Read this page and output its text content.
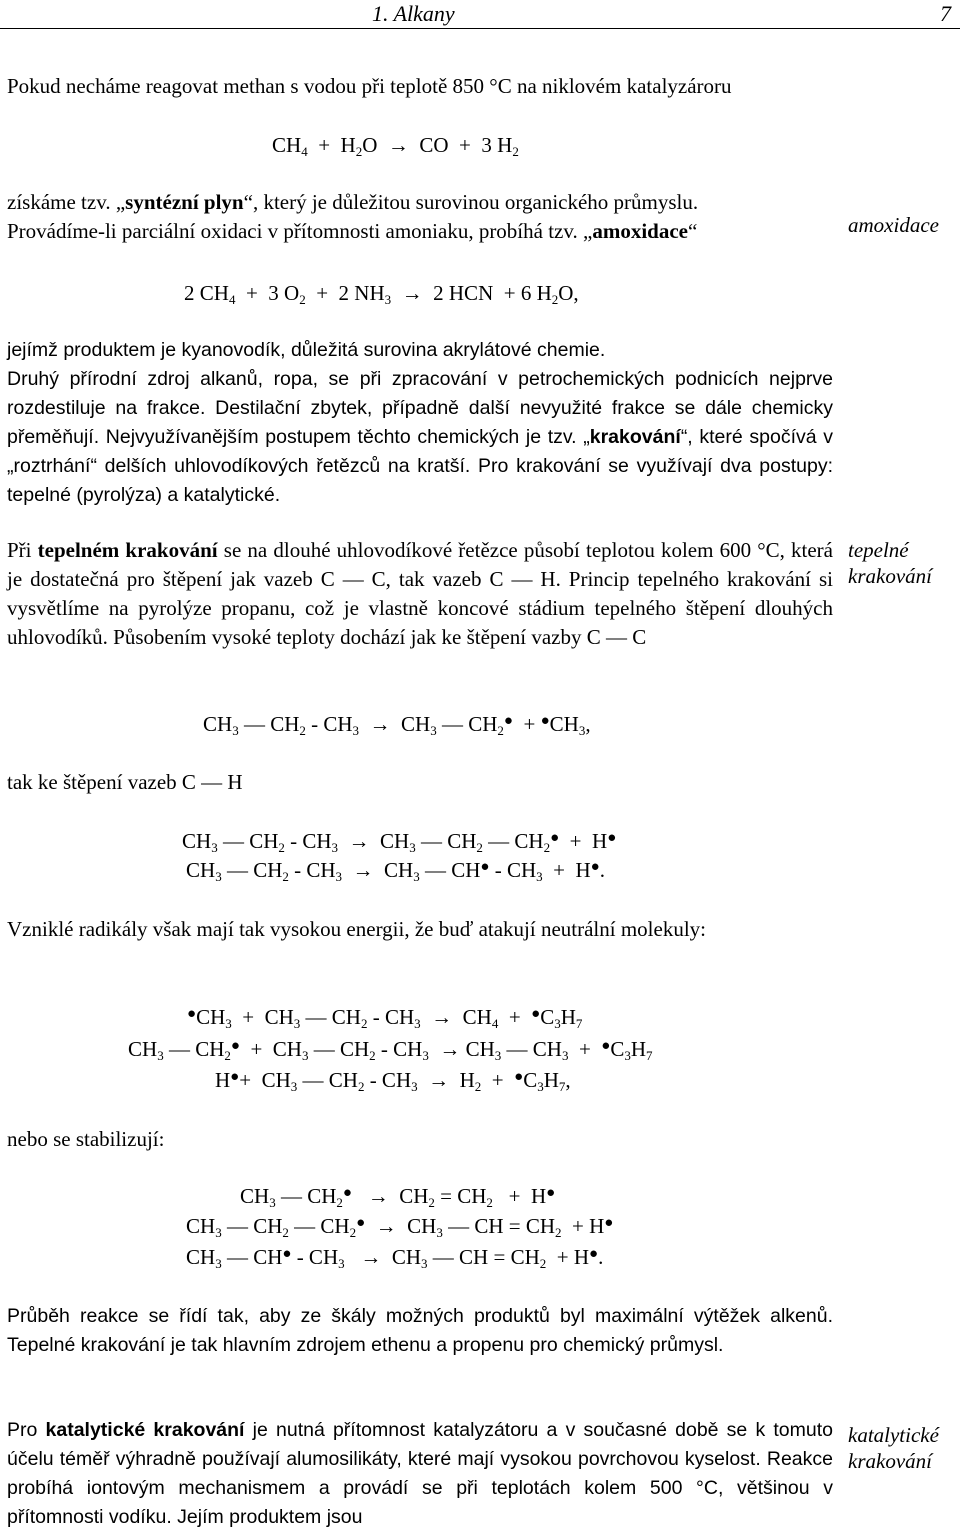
1. Alkany	7
Pokud necháme reagovat methan s vodou při teplotě 850 °C na niklovém katalyzároru
$CH_4 + H_2O$  →  CO  +  3 $H_2$
získáme tzv. „syntézní plyn“, který je důležitou surovinou organického průmyslu.
Provádíme-li parciální oxidaci v přítomnosti amoniaku, probíhá tzv. „amoxidace“	amoxidace
2 $CH_4 + 3$ $O_2 + 2$ $NH_3 \to 2$ HCN  + 6 $H_2O$,
jejímž produktem je kyanovodík, důležitá surovina akrylátové chemie.
Druhý přírodní zdroj alkanů, ropa, se při zpracování v petrochemických podnicích nejprve rozdestiluje na frakce. Destilační zbytek, případně další nevyužité frakce se dále chemicky přeměňují. Nejvyužívanějším postupem těchto chemických je tzv. „krakování“, které spočívá v „roztrhání“ delších uhlovodíkových řetězců na kratší. Pro krakování se využívají dva postupy: tepelné (pyrolýza) a katalytické.
Při tepelném krakování se na dlouhé uhlovodíkové řetězce působí teplotou kolem 600 °C, která je dostatečná pro štěpení jak vazeb C — C, tak vazeb C — H. Princip tepelného krakování si vysvětlíme na pyrolýze propanu, což je vlastně koncové stádium tepelného štěpení dlouhých uhlovodíků. Působením vysoké teploty dochází jak ke štěpení vazby C — C
tepelné
krakování
$CH_3$ — $CH_2 - CH_3 \to CH_3$ — $CH_2^● + ^●CH_3$,
tak ke štěpení vazeb C — H
$CH_3$ — $CH_2 - CH_3 \to CH_3$ — $CH_2$ — $CH_2^● + H^●$
$CH_3$ — $CH_2 - CH_3 \to CH_3$ — $CH^● - CH_3 + H^●$.
Vzniklé radikály však mají tak vysokou energii, že buď atakují neutrální molekuly:
$^●CH_3 + CH_3$ — $CH_2 - CH_3 \to CH_4 + ^●C_3H_7$
$CH_3$ — $CH_2^● + CH_3$ — $CH_2 - CH_3 \to CH_3$ — $CH_3 + ^●C_3H_7$
$H^●+ CH_3$ — $CH_2 - CH_3 \to H_2 + ^●C_3H_7$,
nebo se stabilizují:
$CH_3$ — $CH_2^● \to CH_2 = CH_2 + H^●$
$CH_3$ — $CH_2$ — $CH_2^● \to CH_3$ — CH = $CH_2 + H^●$
$CH_3$ — $CH^● - CH_3 \to CH_3$ — CH = $CH_2 + H^●$.
Průběh reakce se řídí tak, aby ze škály možných produktů byl maximální výtěžek alkenů. Tepelné krakování je tak hlavním zdrojem ethenu a propenu pro chemický průmysl.
Pro katalytické krakování je nutná přítomnost katalyzátoru a v současné době se k tomuto účelu téměř výhradně používají alumosilikáty, které mají vysokou povrchovou kyselost. Reakce probíhá iontovým mechanismem a provádí se při teplotách kolem 500 °C, většinou v přítomnosti vodíku. Jejím produktem jsou
katalytické
krakování
